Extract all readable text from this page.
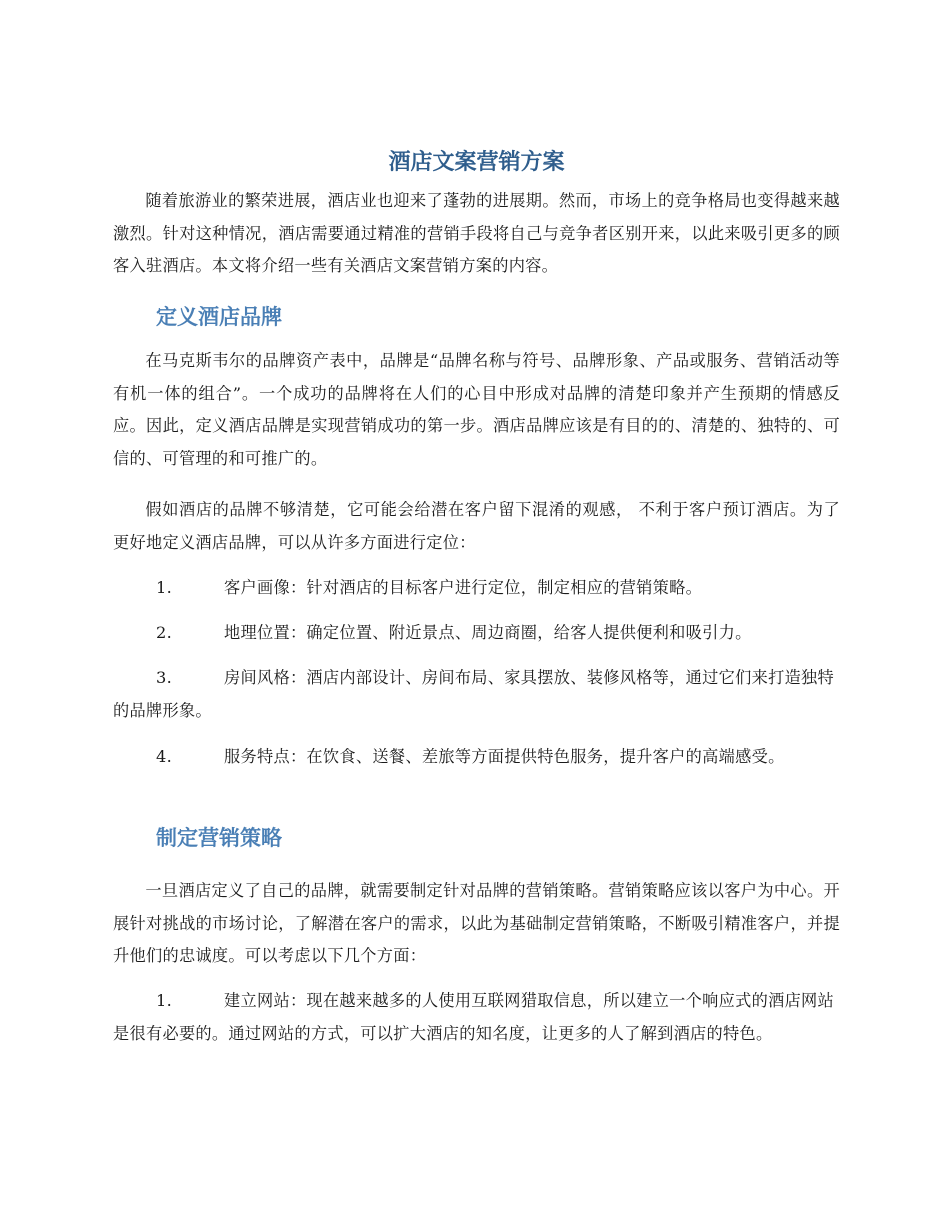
酒店文案营销方案

随着旅游业的繁荣进展，酒店业也迎来了蓬勃的进展期。然而，市场上的竞争格局也变得越来越激烈。针对这种情况，酒店需要通过精准的营销手段将自己与竞争者区别开来，以此来吸引更多的顾客入驻酒店。本文将介绍一些有关酒店文案营销方案的内容。

定义酒店品牌

在马克斯韦尔的品牌资产表中，品牌是“品牌名称与符号、品牌形象、产品或服务、营销活动等有机一体的组合”。一个成功的品牌将在人们的心目中形成对品牌的清楚印象并产生预期的情感反应。因此，定义酒店品牌是实现营销成功的第一步。酒店品牌应该是有目的的、清楚的、独特的、可信的、可管理的和可推广的。

假如酒店的品牌不够清楚，它可能会给潜在客户留下混淆的观感， 不利于客户预订酒店。为了更好地定义酒店品牌，可以从许多方面进行定位：

1.	客户画像：针对酒店的目标客户进行定位，制定相应的营销策略。

2.	地理位置：确定位置、附近景点、周边商圈，给客人提供便利和吸引力。

3.	房间风格：酒店内部设计、房间布局、家具摆放、装修风格等，通过它们来打造独特的品牌形象。

4.	服务特点：在饮食、送餐、差旅等方面提供特色服务，提升客户的高端感受。

制定营销策略

一旦酒店定义了自己的品牌，就需要制定针对品牌的营销策略。营销策略应该以客户为中心。开展针对挑战的市场讨论，了解潜在客户的需求，以此为基础制定营销策略，不断吸引精准客户，并提升他们的忠诚度。可以考虑以下几个方面：

1.	建立网站：现在越来越多的人使用互联网猎取信息，所以建立一个响应式的酒店网站是很有必要的。通过网站的方式，可以扩大酒店的知名度，让更多的人了解到酒店的特色。
